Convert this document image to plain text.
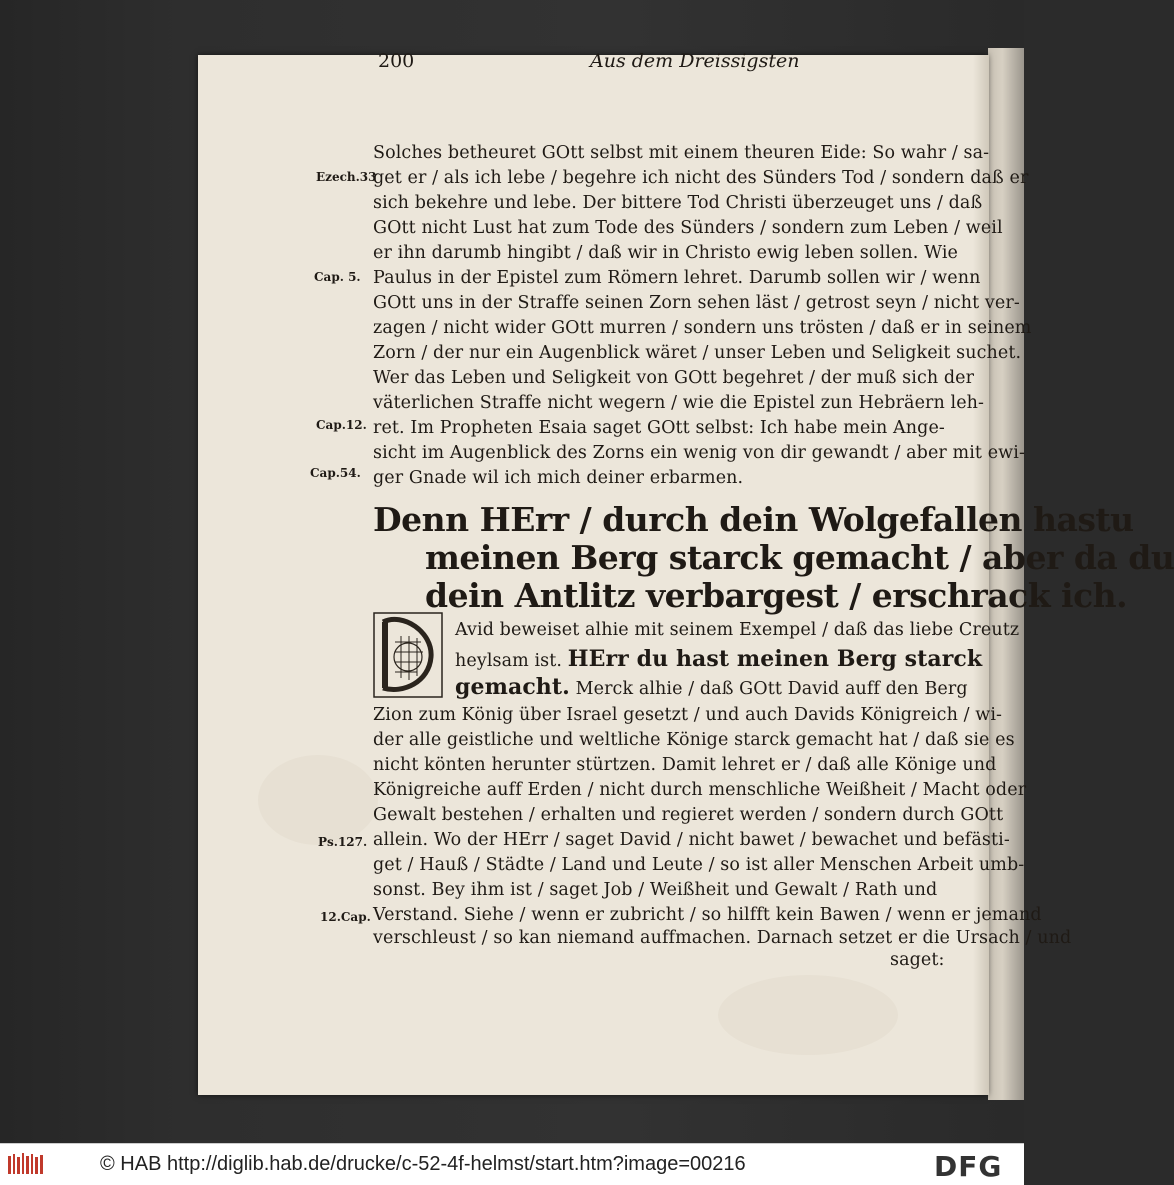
200	Aus dem Dreissigsten
Ezech.33
Cap. 5.
Cap.12.
Cap.54.
Ps.127.
12.Cap.
Solches betheuret GOtt selbst mit einem theuren Eide: So wahr / sa-
get er / als ich lebe / begehre ich nicht des Sünders Tod / sondern daß er
sich bekehre und lebe. Der bittere Tod Christi überzeuget uns / daß
GOtt nicht Lust hat zum Tode des Sünders / sondern zum Leben / weil
er ihn darumb hingibt / daß wir in Christo ewig leben sollen. Wie
Paulus in der Epistel zum Römern lehret. Darumb sollen wir / wenn
GOtt uns in der Straffe seinen Zorn sehen läst / getrost seyn / nicht ver-
zagen / nicht wider GOtt murren / sondern uns trösten / daß er in seinem
Zorn / der nur ein Augenblick wäret / unser Leben und Seligkeit suchet.
Wer das Leben und Seligkeit von GOtt begehret / der muß sich der
väterlichen Straffe nicht wegern / wie die Epistel zun Hebräern leh-
ret. Im Propheten Esaia saget GOtt selbst: Ich habe mein Ange-
sicht im Augenblick des Zorns ein wenig von dir gewandt / aber mit ewi-
ger Gnade wil ich mich deiner erbarmen.
Denn HErr / durch dein Wolgefallen hastu
meinen Berg starck gemacht / aber da du
dein Antlitz verbargest / erschrack ich.
Avid beweiset alhie mit seinem Exempel / daß das liebe Creutz
heylsam ist. HErr du hast meinen Berg starck
gemacht. Merck alhie / daß GOtt David auff den Berg
Zion zum König über Israel gesetzt / und auch Davids Königreich / wi-
der alle geistliche und weltliche Könige starck gemacht hat / daß sie es
nicht könten herunter stürtzen. Damit lehret er / daß alle Könige und
Königreiche auff Erden / nicht durch menschliche Weißheit / Macht oder
Gewalt bestehen / erhalten und regieret werden / sondern durch GOtt
allein. Wo der HErr / saget David / nicht bawet / bewachet und befästi-
get / Hauß / Städte / Land und Leute / so ist aller Menschen Arbeit umb-
sonst. Bey ihm ist / saget Job / Weißheit und Gewalt / Rath und
Verstand. Siehe / wenn er zubricht / so hilfft kein Bawen / wenn er jemand
verschleust / so kan niemand auffmachen. Darnach setzet er die Ursach / und
saget:
© HAB http://diglib.hab.de/drucke/c-52-4f-helmst/start.htm?image=00216	DFG
